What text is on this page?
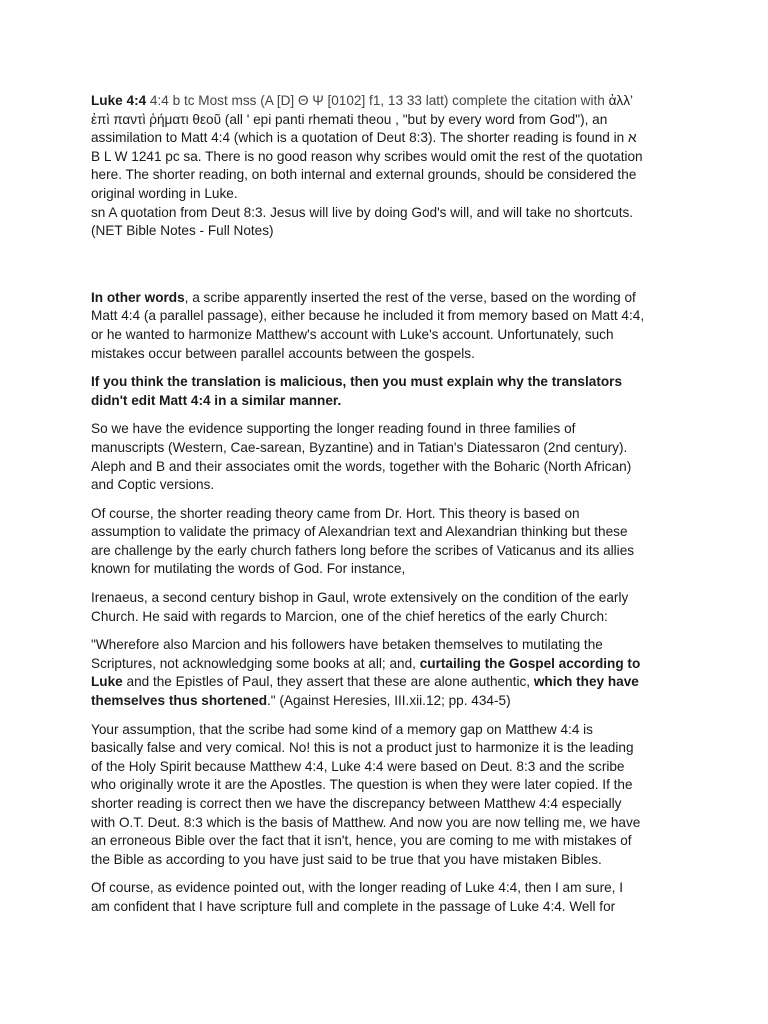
Luke 4:4 4:4 b tc Most mss (A [D] Θ Ψ [0102] f1, 13 33 latt) complete the citation with ἀλλ’

ἐπὶ παντὶ ῥήματι θεοῦ (all ' epi panti rhemati theou , "but by every word from God"), an

assimilation to Matt 4:4 (which is a quotation of Deut 8:3). The shorter reading is found in א

B L W 1241 pc sa. There is no good reason why scribes would omit the rest of the quotation

here. The shorter reading, on both internal and external grounds, should be considered the

original wording in Luke.

sn A quotation from Deut 8:3. Jesus will live by doing God's will, and will take no shortcuts.

(NET Bible Notes - Full Notes)

In other words, a scribe apparently inserted the rest of the verse, based on the wording of

Matt 4:4 (a parallel passage), either because he included it from memory based on Matt 4:4,

or he wanted to harmonize Matthew's account with Luke's account. Unfortunately, such

mistakes occur between parallel accounts between the gospels.

If you think the translation is malicious, then you must explain why the translators

didn't edit Matt 4:4 in a similar manner.

So we have the evidence supporting the longer reading found in three families of

manuscripts (Western, Cae-sarean, Byzantine) and in Tatian's Diatessaron (2nd century).

Aleph and B and their associates omit the words, together with the Boharic (North African)

and Coptic versions.

Of course, the shorter reading theory came from Dr. Hort. This theory is based on

assumption to validate the primacy of Alexandrian text and Alexandrian thinking but these

are challenge by the early church fathers long before the scribes of Vaticanus and its allies

known for mutilating the words of God. For instance,

Irenaeus, a second century bishop in Gaul, wrote extensively on the condition of the early

Church. He said with regards to Marcion, one of the chief heretics of the early Church:

"Wherefore also Marcion and his followers have betaken themselves to mutilating the

Scriptures, not acknowledging some books at all; and, curtailing the Gospel according to

Luke and the Epistles of Paul, they assert that these are alone authentic, which they have

themselves thus shortened." (Against Heresies, III.xii.12; pp. 434-5)

Your assumption, that the scribe had some kind of a memory gap on Matthew 4:4 is

basically false and very comical. No! this is not a product just to harmonize it is the leading

of the Holy Spirit because Matthew 4:4, Luke 4:4 were based on Deut. 8:3 and the scribe

who originally wrote it are the Apostles. The question is when they were later copied. If the

shorter reading is correct then we have the discrepancy between Matthew 4:4 especially

with O.T. Deut. 8:3 which is the basis of Matthew. And now you are now telling me, we have

an erroneous Bible over the fact that it isn't, hence, you are coming to me with mistakes of

the Bible as according to you have just said to be true that you have mistaken Bibles.

Of course, as evidence pointed out, with the longer reading of Luke 4:4, then I am sure, I

am confident that I have scripture full and complete in the passage of Luke 4:4. Well for
